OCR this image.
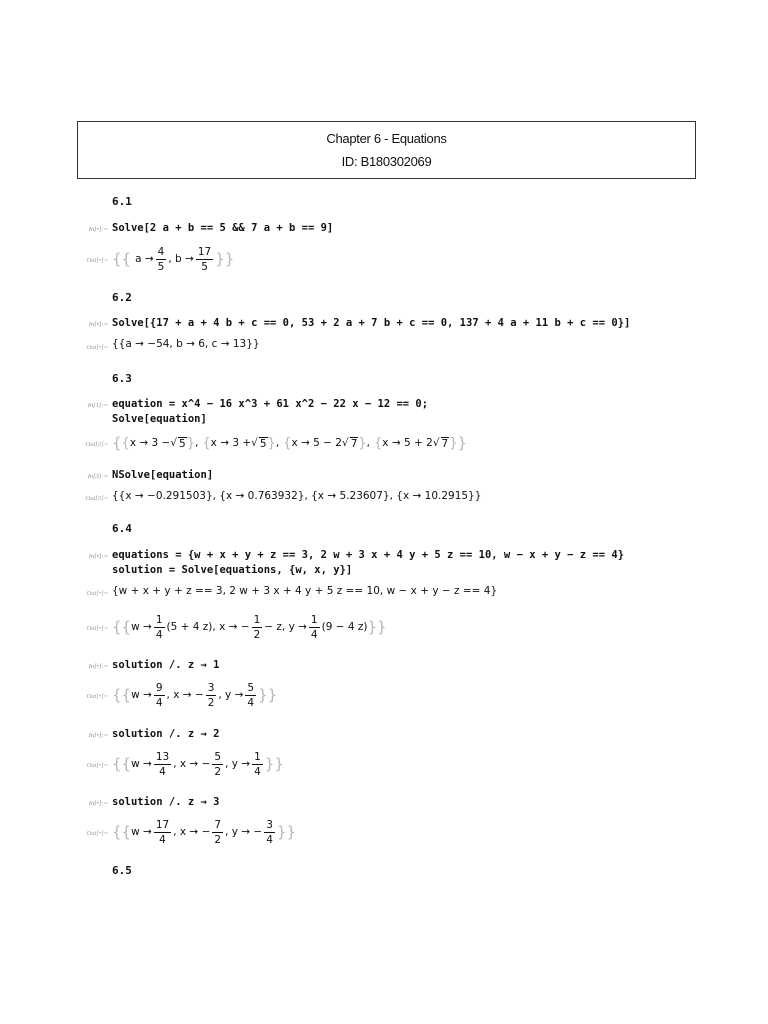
Chapter 6 - Equations
ID: B180302069
6.1
In[•]:= Solve[2 a + b == 5 && 7 a + b == 9]
Out[•]= {{ $a \to \frac{4}{5}$ , $b \to \frac{17}{5}$ }}
6.2
In[•]:= Solve[{17 + a + 4 b + c == 0, 53 + 2 a + 7 b + c == 0, 137 + 4 a + 11 b + c == 0}]
Out[•]= {{a → −54, b → 6, c → 13}}
6.3
In[1]:= equation = x^4 − 16 x^3 + 61 x^2 − 22 x − 12 == 0;
Solve[equation]
Out[2]= { { x → 3 − √ 5 } , { x → 3 + √ 5 } , { x → 5 − 2 √ 7 } , { x → 5 + 2 √ 7 } }
In[3]:= NSolve[equation]
Out[3]= {{x → −0.291503}, {x → 0.763932}, {x → 5.23607}, {x → 10.2915}}
6.4
In[•]:= equations = {w + x + y + z == 3, 2 w + 3 x + 4 y + 5 z == 10, w − x + y − z == 4}
solution = Solve[equations, {w, x, y}]
Out[•]= {w + x + y + z == 3, 2 w + 3 x + 4 y + 5 z == 10, w − x + y − z == 4}
Out[•]= {{ $w \to \frac{1}{4} (5 + 4$ z), x → − $\frac{1}{2} - z$, $y \to \frac{1}{4} (9 - 4$ z) }}
In[•]:= solution /. z → 1
Out[•]= {{ $w \to \frac{9}{4}$ , x → − $\frac{3}{2}$ , $y \to \frac{5}{4}$ }}
In[•]:= solution /. z → 2
Out[•]= {{ $w \to \frac{13}{4}$ , x → − $\frac{5}{2}$ , $y \to \frac{1}{4}$ }}
In[•]:= solution /. z → 3
Out[•]= {{ $w \to \frac{17}{4}$ , x → − $\frac{7}{2}$ , y → − $\frac{3}{4}$ }}
6.5
